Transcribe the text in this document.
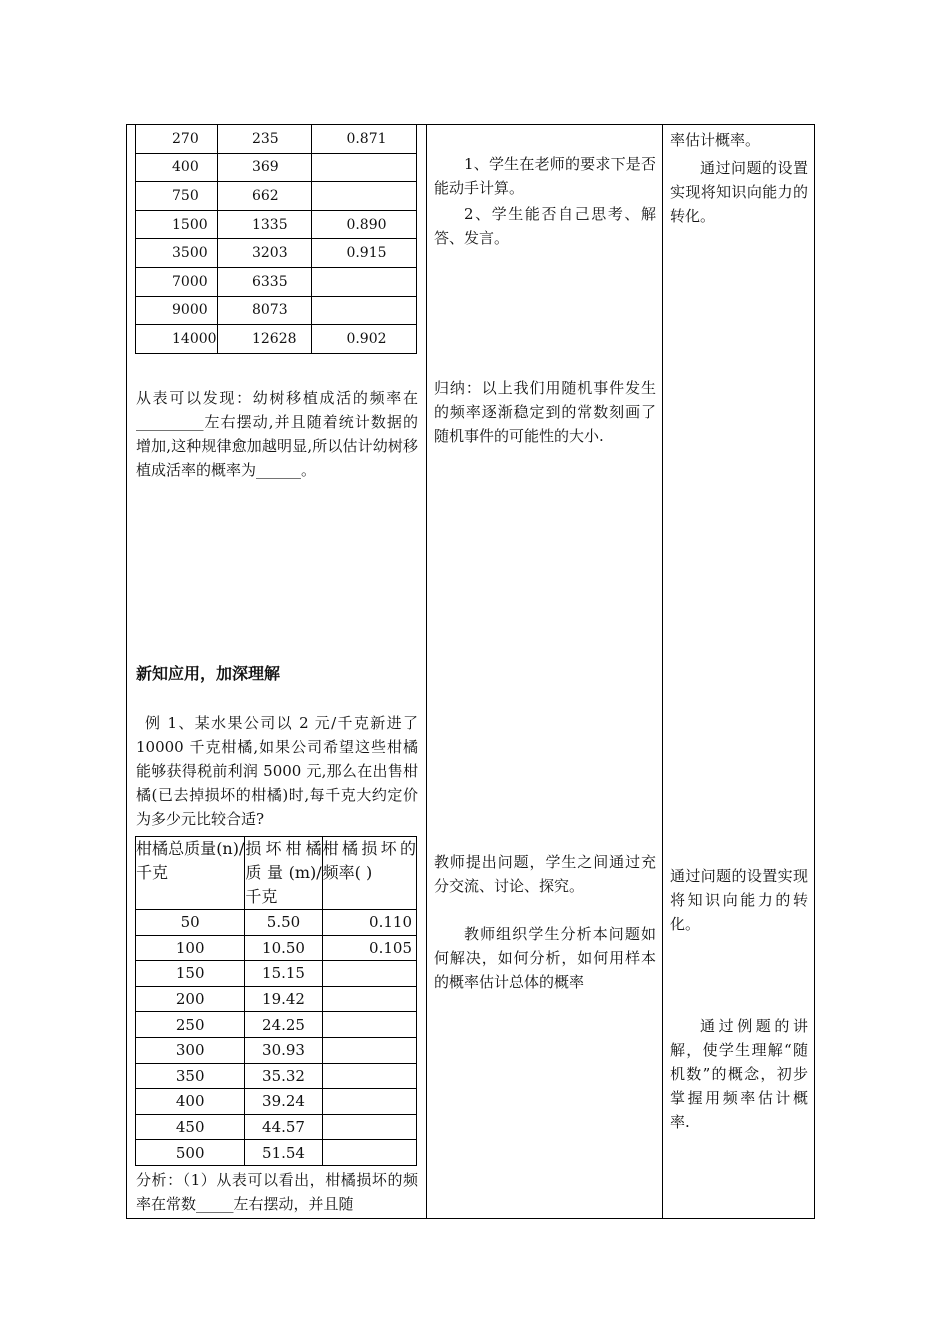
270	235	0.871
400	369	
750	662	
1500	1335	0.890
3500	3203	0.915
7000	6335	
9000	8073	
14000	12628	0.902
从表可以发现：幼树移植成活的频率在_________左右摆动,并且随着统计数据的增加,这种规律愈加越明显,所以估计幼树移植成活率的概率为______。
新知应用，加深理解
例 1、某水果公司以 2 元/千克新进了 10000 千克柑橘,如果公司希望这些柑橘能够获得税前利润 5000 元,那么在出售柑橘(已去掉损坏的柑橘)时,每千克大约定价为多少元比较合适?
柑橘总质量(n)/千克	损坏柑橘质量(m)/千克	柑橘损坏的频率( )
50	5.50	0.110
100	10.50	0.105
150	15.15	
200	19.42	
250	24.25	
300	30.93	
350	35.32	
400	39.24	
450	44.57	
500	51.54	
分析：（1）从表可以看出，柑橘损坏的频率在常数_____左右摆动，并且随
1、学生在老师的要求下是否能动手计算。
2、学生能否自己思考、解答、发言。
归纳：以上我们用随机事件发生的频率逐渐稳定到的常数刻画了随机事件的可能性的大小.
教师提出问题，学生之间通过充分交流、讨论、探究。
教师组织学生分析本问题如何解决，如何分析，如何用样本的概率估计总体的概率
率估计概率。
通过问题的设置实现将知识向能力的转化。
通过问题的设置实现将知识向能力的转化。
通过例题的讲解，使学生理解“随机数”的概念，初步掌握用频率估计概率.
